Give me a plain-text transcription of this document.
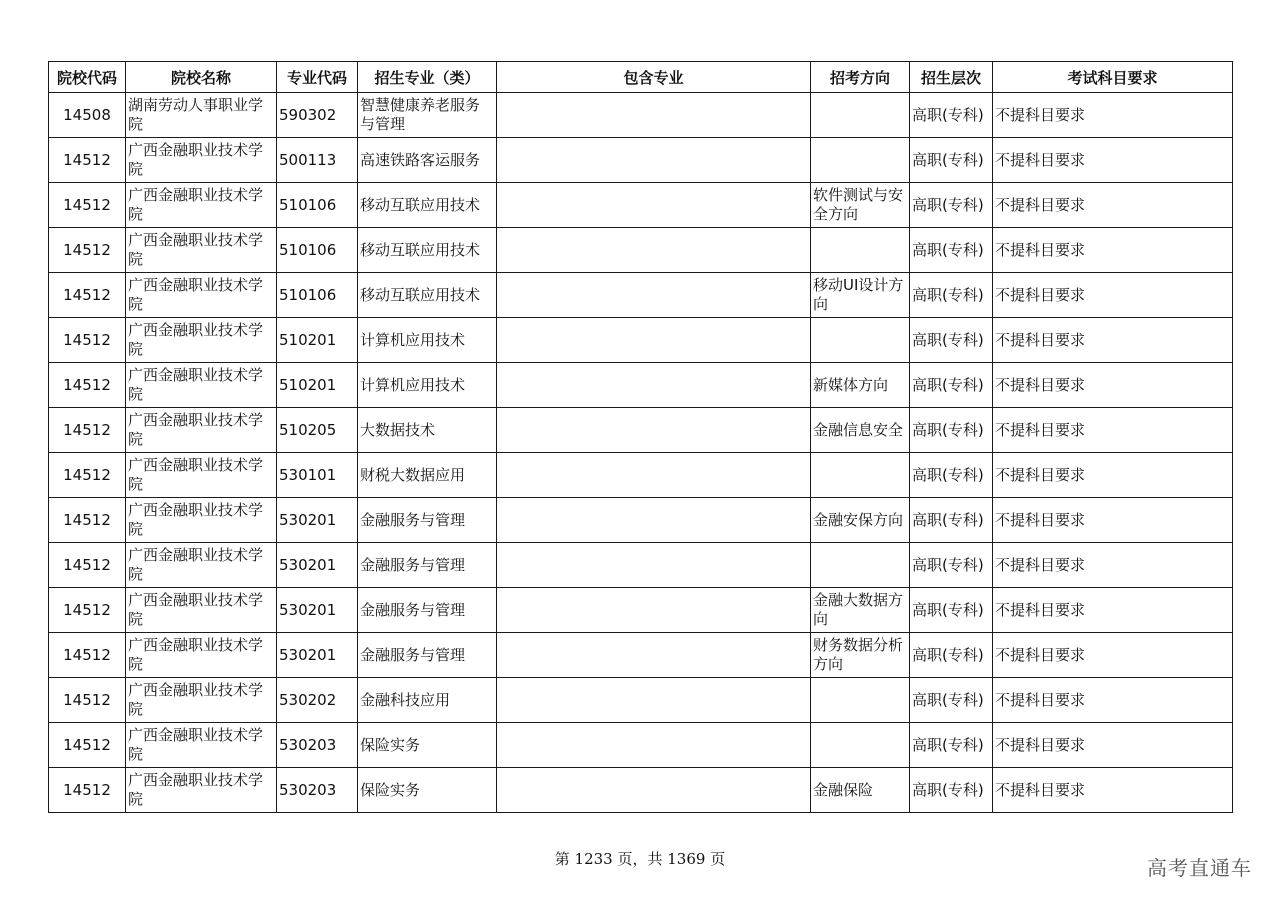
院校代码	院校名称	专业代码	招生专业（类）	包含专业	招考方向	招生层次	考试科目要求
14508	湖南劳动人事职业学院	590302	智慧健康养老服务与管理			高职(专科)	不提科目要求
14512	广西金融职业技术学院	500113	高速铁路客运服务			高职(专科)	不提科目要求
14512	广西金融职业技术学院	510106	移动互联应用技术		软件测试与安全方向	高职(专科)	不提科目要求
14512	广西金融职业技术学院	510106	移动互联应用技术			高职(专科)	不提科目要求
14512	广西金融职业技术学院	510106	移动互联应用技术		移动UI设计方向	高职(专科)	不提科目要求
14512	广西金融职业技术学院	510201	计算机应用技术			高职(专科)	不提科目要求
14512	广西金融职业技术学院	510201	计算机应用技术		新媒体方向	高职(专科)	不提科目要求
14512	广西金融职业技术学院	510205	大数据技术		金融信息安全	高职(专科)	不提科目要求
14512	广西金融职业技术学院	530101	财税大数据应用			高职(专科)	不提科目要求
14512	广西金融职业技术学院	530201	金融服务与管理		金融安保方向	高职(专科)	不提科目要求
14512	广西金融职业技术学院	530201	金融服务与管理			高职(专科)	不提科目要求
14512	广西金融职业技术学院	530201	金融服务与管理		金融大数据方向	高职(专科)	不提科目要求
14512	广西金融职业技术学院	530201	金融服务与管理		财务数据分析方向	高职(专科)	不提科目要求
14512	广西金融职业技术学院	530202	金融科技应用			高职(专科)	不提科目要求
14512	广西金融职业技术学院	530203	保险实务			高职(专科)	不提科目要求
14512	广西金融职业技术学院	530203	保险实务		金融保险	高职(专科)	不提科目要求
第 1233 页，共 1369 页	高考直通车
